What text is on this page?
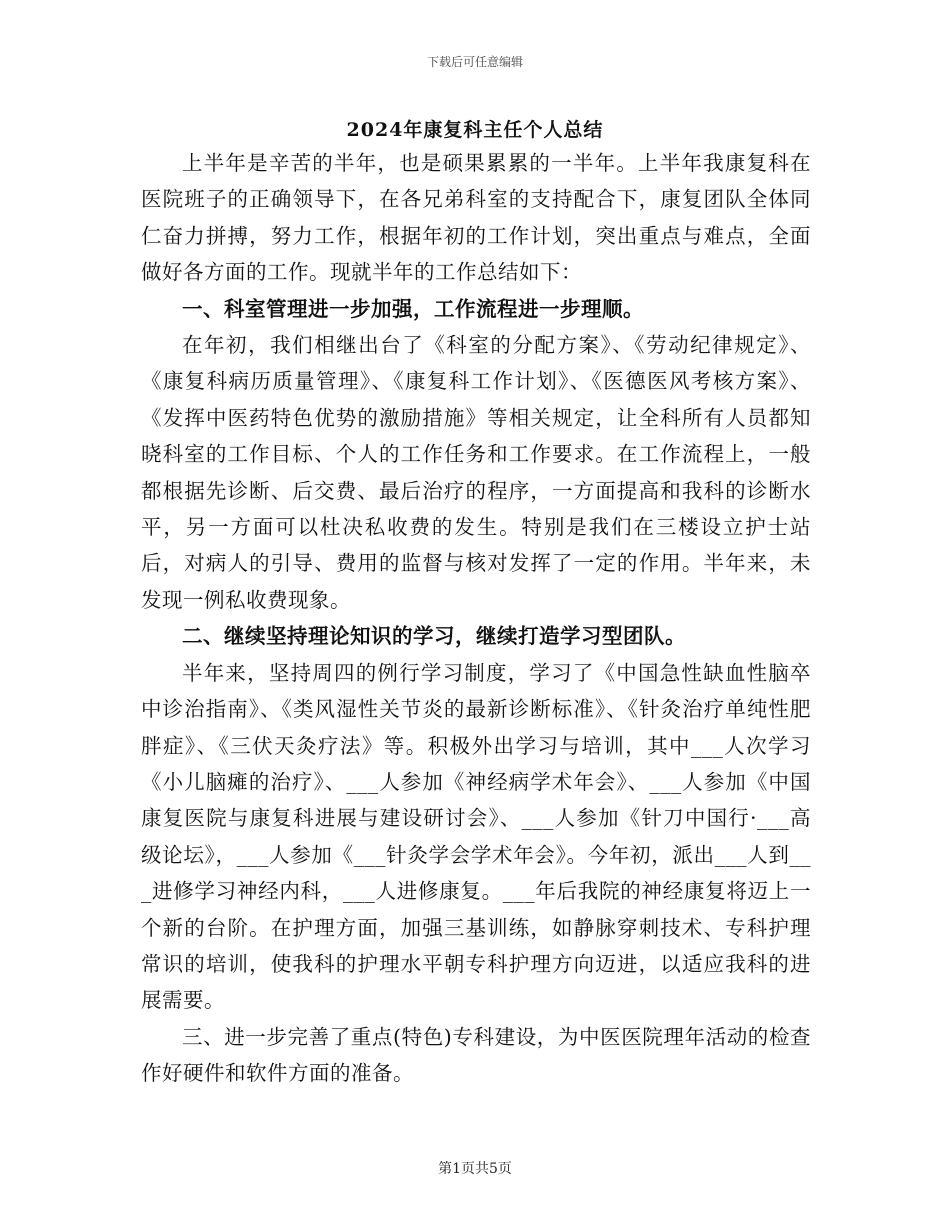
下载后可任意编辑
2024年康复科主任个人总结

上半年是辛苦的半年，也是硕果累累的一半年。上半年我康复科在医院班子的正确领导下，在各兄弟科室的支持配合下，康复团队全体同仁奋力拼搏，努力工作，根据年初的工作计划，突出重点与难点，全面做好各方面的工作。现就半年的工作总结如下：

一、科室管理进一步加强，工作流程进一步理顺。

在年初，我们相继出台了《科室的分配方案》、《劳动纪律规定》、《康复科病历质量管理》、《康复科工作计划》、《医德医风考核方案》、《发挥中医药特色优势的激励措施》等相关规定，让全科所有人员都知晓科室的工作目标、个人的工作任务和工作要求。在工作流程上，一般都根据先诊断、后交费、最后治疗的程序，一方面提高和我科的诊断水平，另一方面可以杜决私收费的发生。特别是我们在三楼设立护士站后，对病人的引导、费用的监督与核对发挥了一定的作用。半年来，未发现一例私收费现象。

二、继续坚持理论知识的学习，继续打造学习型团队。

半年来，坚持周四的例行学习制度，学习了《中国急性缺血性脑卒中诊治指南》、《类风湿性关节炎的最新诊断标准》、《针灸治疗单纯性肥胖症》、《三伏天灸疗法》等。积极外出学习与培训，其中___人次学习《小儿脑瘫的治疗》、___人参加《神经病学术年会》、___人参加《中国康复医院与康复科进展与建设研讨会》、___人参加《针刀中国行·___高级论坛》，___人参加《___针灸学会学术年会》。今年初，派出___人到___进修学习神经内科，___人进修康复。___年后我院的神经康复将迈上一个新的台阶。在护理方面，加强三基训练，如静脉穿刺技术、专科护理常识的培训，使我科的护理水平朝专科护理方向迈进，以适应我科的进展需要。

三、进一步完善了重点(特色)专科建设，为中医医院理年活动的检查作好硬件和软件方面的准备。

第1页共5页
